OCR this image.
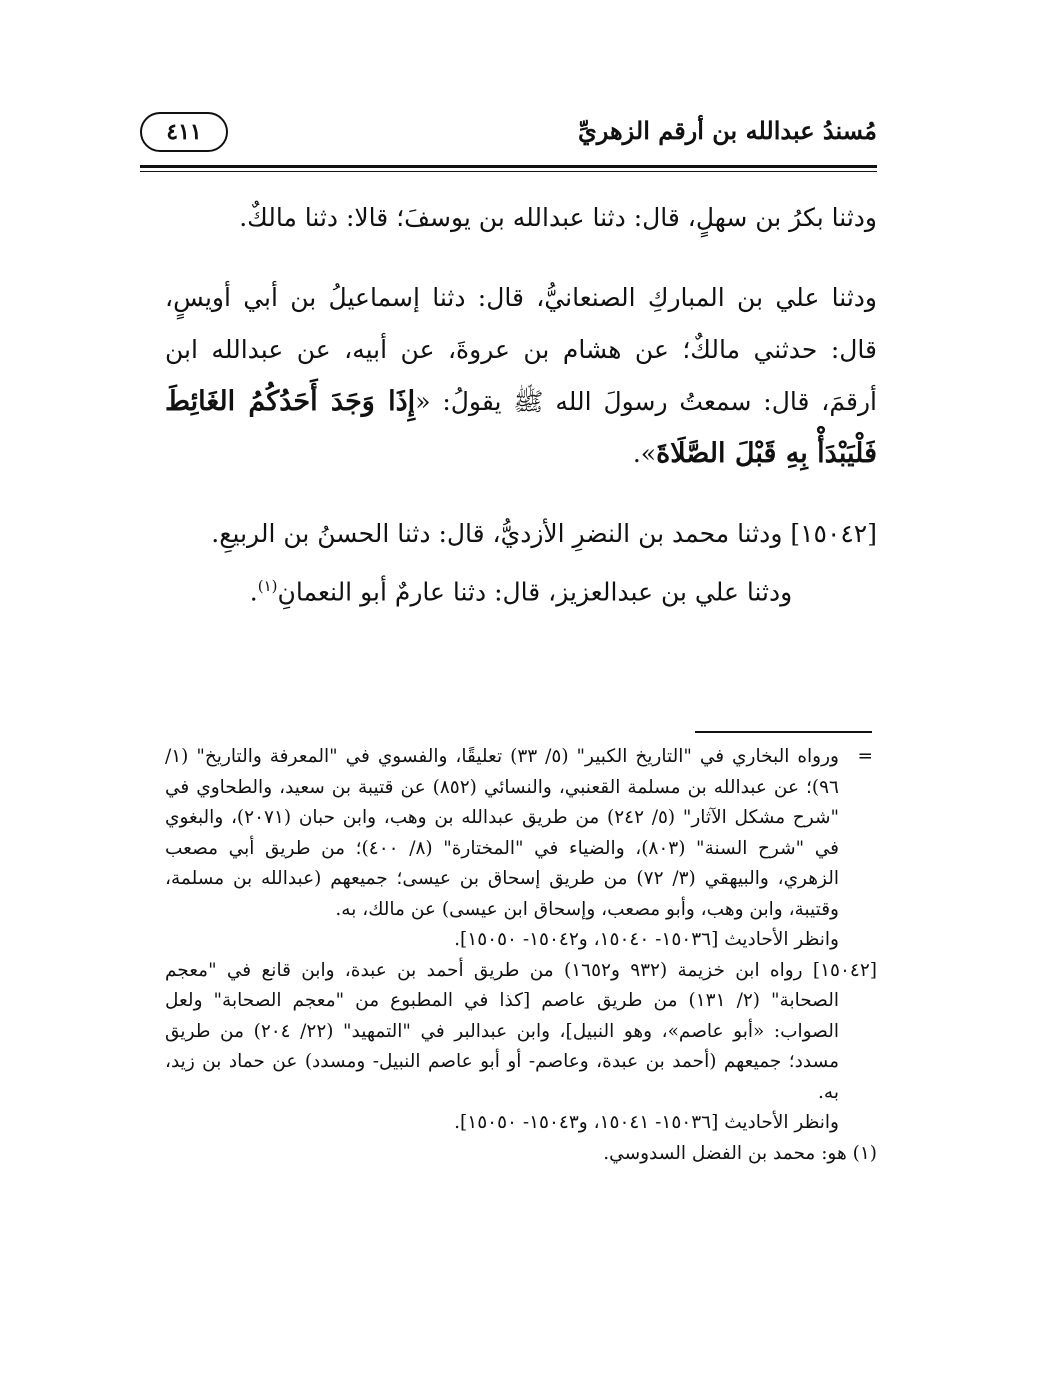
مُسندُ عبدالله بن أرقم الزهريِّ
٤١١

ودثنا بكرُ بن سهلٍ، قال: دثنا عبدالله بن يوسفَ؛ قالا: دثنا مالكٌ.

ودثنا علي بن المباركِ الصنعانيُّ، قال: دثنا إسماعيلُ بن أبي أويسٍ، قال: حدثني مالكٌ؛ عن هشام بن عروةَ، عن أبيه، عن عبدالله ابن أرقمَ، قال: سمعتُ رسولَ الله ﷺ يقولُ: «إِذَا وَجَدَ أَحَدُكُمُ الغَائِطَ فَلْيَبْدَأْ بِهِ قَبْلَ الصَّلَاةَ».

[١٥٠٤٢] ودثنا محمد بن النضرِ الأزديُّ، قال: دثنا الحسنُ بن الربيعِ.

ودثنا علي بن عبدالعزيز، قال: دثنا عارمٌ أبو النعمانِ$^{(١)}$.

=
ورواه البخاري في "التاريخ الكبير" (٥/ ٣٣) تعليقًا، والفسوي في "المعرفة والتاريخ" (١/ ٩٦)؛ عن عبدالله بن مسلمة القعنبي، والنسائي (٨٥٢) عن قتيبة بن سعيد، والطحاوي في "شرح مشكل الآثار" (٥/ ٢٤٢) من طريق عبدالله بن وهب، وابن حبان (٢٠٧١)، والبغوي في "شرح السنة" (٨٠٣)، والضياء في "المختارة" (٨/ ٤٠٠)؛ من طريق أبي مصعب الزهري، والبيهقي (٣/ ٧٢) من طريق إسحاق بن عيسى؛ جميعهم (عبدالله بن مسلمة، وقتيبة، وابن وهب، وأبو مصعب، وإسحاق ابن عيسى) عن مالك، به.

وانظر الأحاديث [١٥٠٣٦- ١٥٠٤٠، و١٥٠٤٢- ١٥٠٥٠].

[١٥٠٤٢] رواه ابن خزيمة (٩٣٢ و١٦٥٢) من طريق أحمد بن عبدة، وابن قانع في "معجم الصحابة" (٢/ ١٣١) من طريق عاصم [كذا في المطبوع من "معجم الصحابة" ولعل الصواب: «أبو عاصم»، وهو النبيل]، وابن عبدالبر في "التمهيد" (٢٢/ ٢٠٤) من طريق مسدد؛ جميعهم (أحمد بن عبدة، وعاصم- أو أبو عاصم النبيل- ومسدد) عن حماد بن زيد، به.

وانظر الأحاديث [١٥٠٣٦- ١٥٠٤١، و١٥٠٤٣- ١٥٠٥٠].

(١) هو: محمد بن الفضل السدوسي.
